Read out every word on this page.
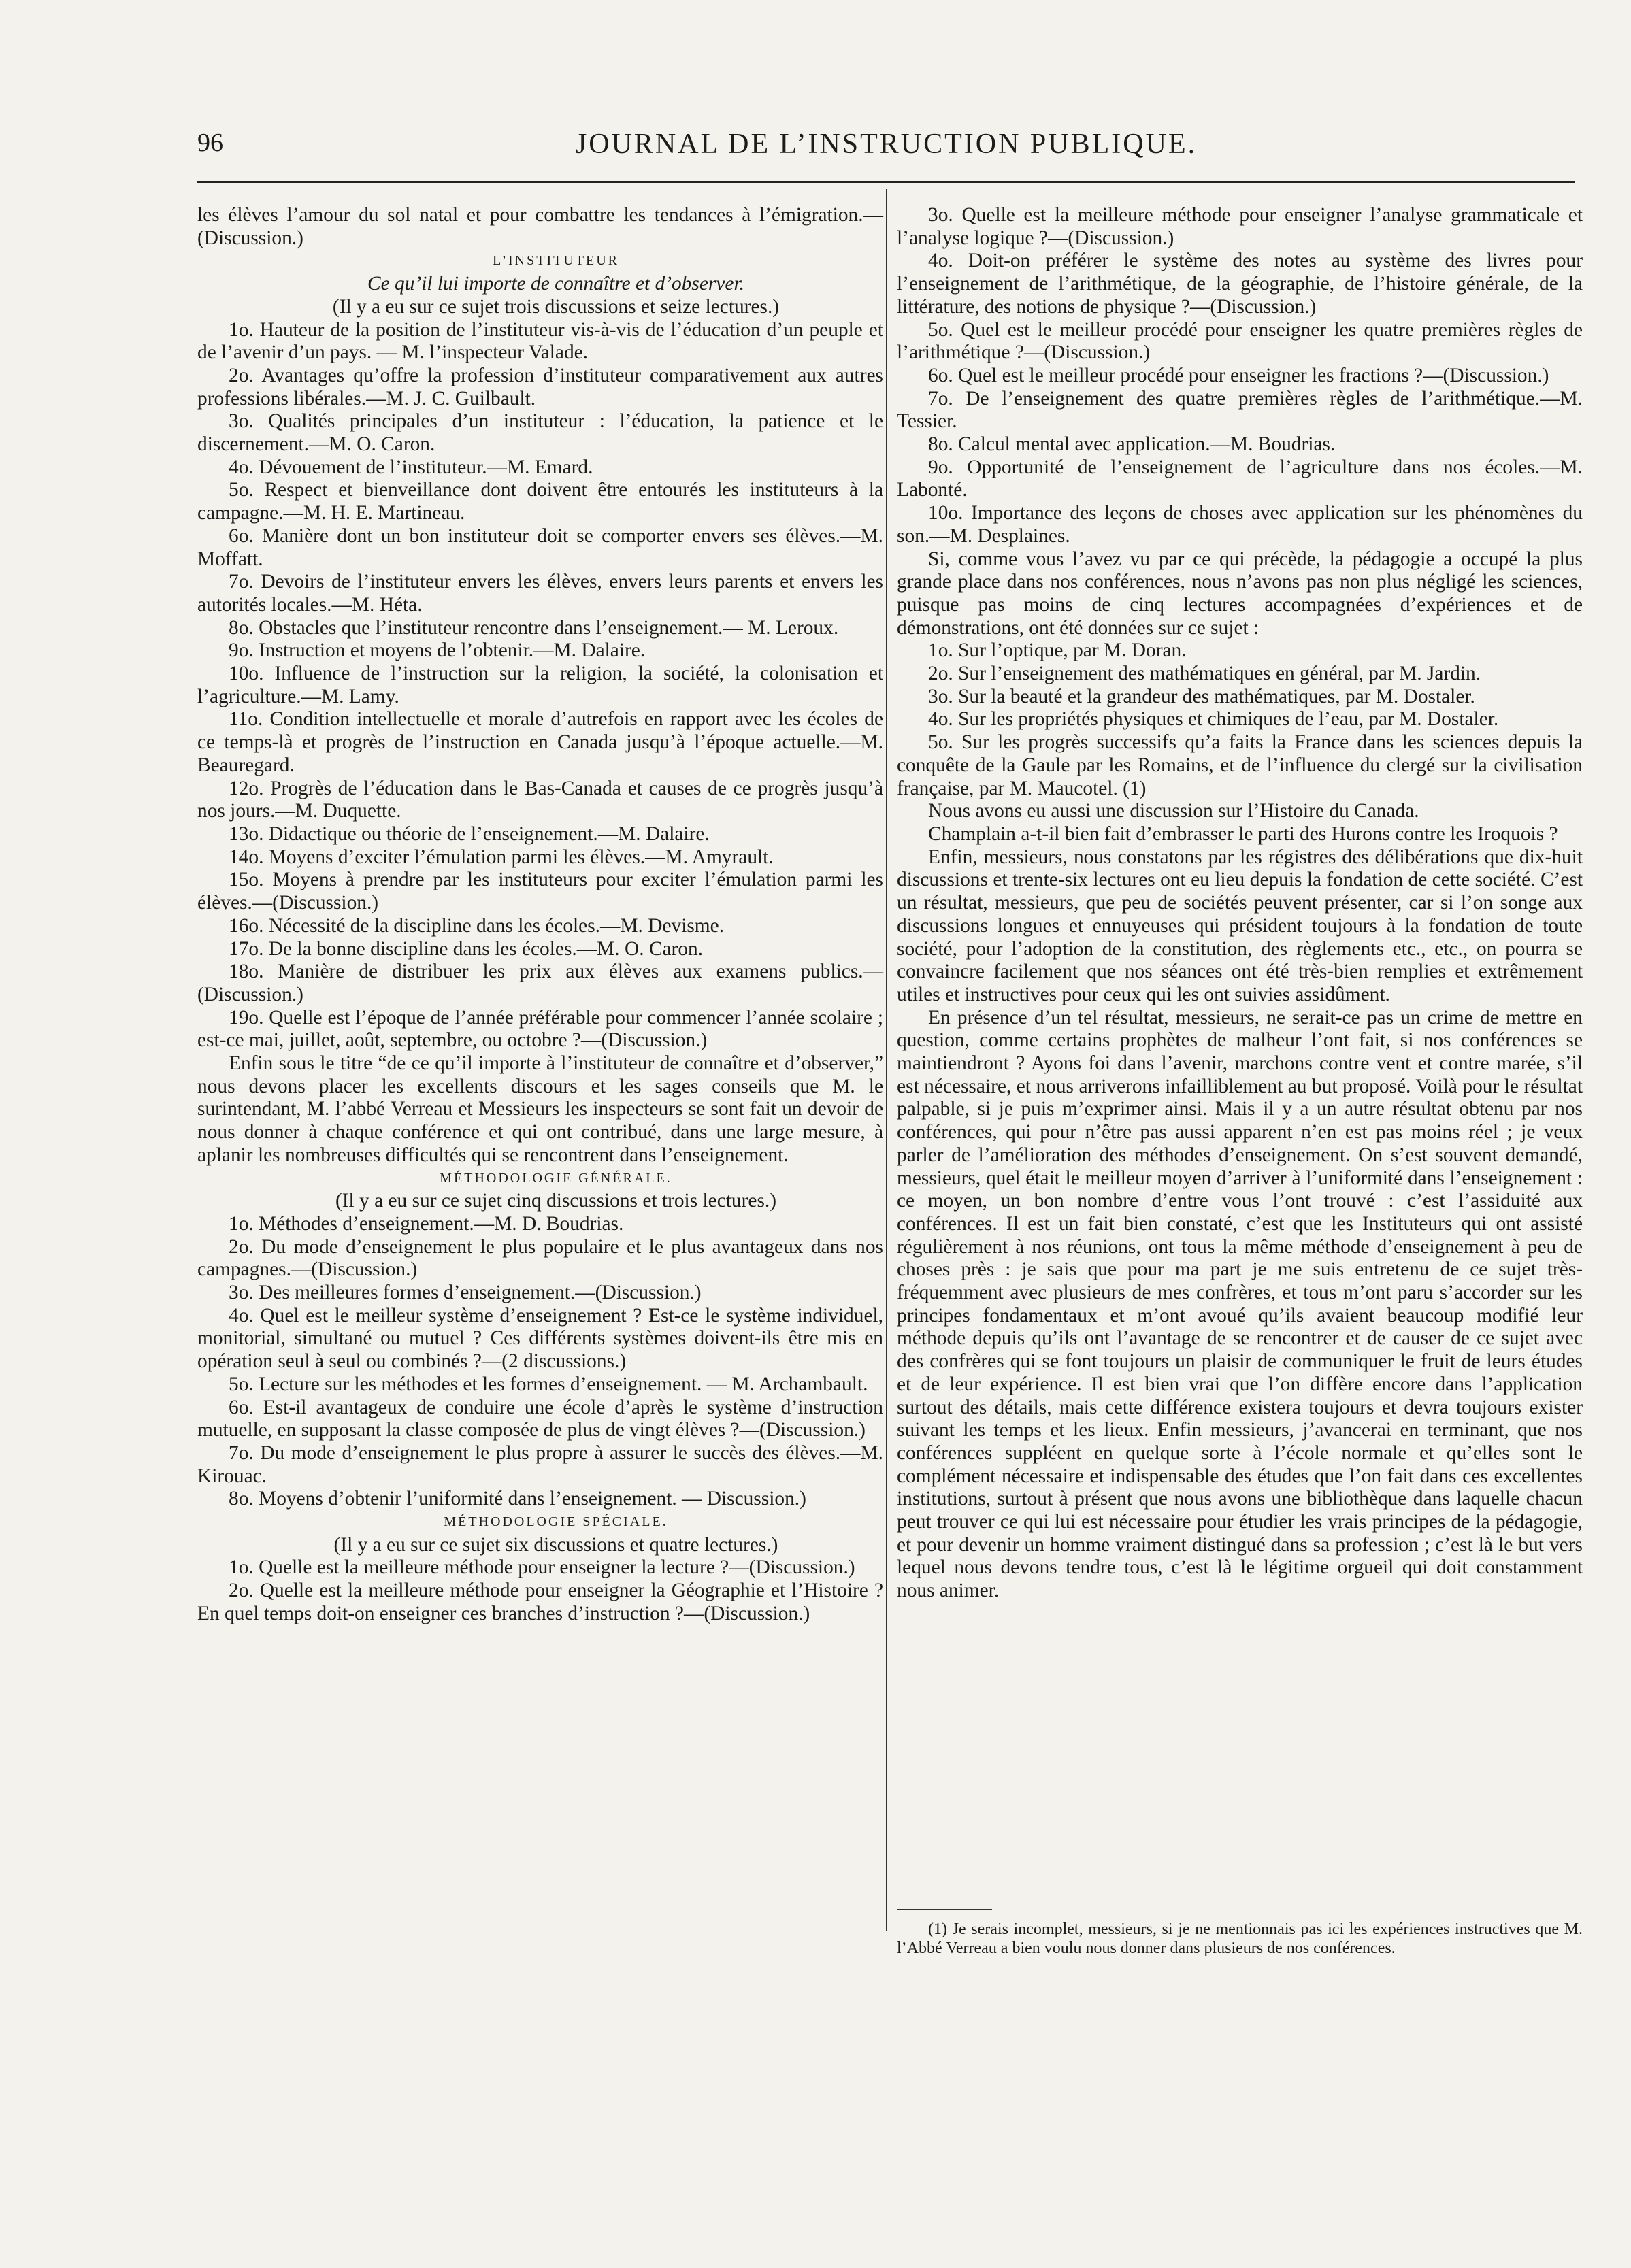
96	JOURNAL DE L’INSTRUCTION PUBLIQUE.

les élèves l’amour du sol natal et pour combattre les tendances à l’émigration.—(Discussion.)

L’INSTITUTEUR

Ce qu’il lui importe de connaître et d’observer.

(Il y a eu sur ce sujet trois discussions et seize lectures.)

1o. Hauteur de la position de l’instituteur vis-à-vis de l’éducation d’un peuple et de l’avenir d’un pays. — M. l’inspecteur Valade.

2o. Avantages qu’offre la profession d’instituteur comparativement aux autres professions libérales.—M. J. C. Guilbault.

3o. Qualités principales d’un instituteur : l’éducation, la patience et le discernement.—M. O. Caron.

4o. Dévouement de l’instituteur.—M. Emard.

5o. Respect et bienveillance dont doivent être entourés les instituteurs à la campagne.—M. H. E. Martineau.

6o. Manière dont un bon instituteur doit se comporter envers ses élèves.—M. Moffatt.

7o. Devoirs de l’instituteur envers les élèves, envers leurs parents et envers les autorités locales.—M. Héta.

8o. Obstacles que l’instituteur rencontre dans l’enseignement.— M. Leroux.

9o. Instruction et moyens de l’obtenir.—M. Dalaire.

10o. Influence de l’instruction sur la religion, la société, la colonisation et l’agriculture.—M. Lamy.

11o. Condition intellectuelle et morale d’autrefois en rapport avec les écoles de ce temps-là et progrès de l’instruction en Canada jusqu’à l’époque actuelle.—M. Beauregard.

12o. Progrès de l’éducation dans le Bas-Canada et causes de ce progrès jusqu’à nos jours.—M. Duquette.

13o. Didactique ou théorie de l’enseignement.—M. Dalaire.

14o. Moyens d’exciter l’émulation parmi les élèves.—M. Amyrault.

15o. Moyens à prendre par les instituteurs pour exciter l’émulation parmi les élèves.—(Discussion.)

16o. Nécessité de la discipline dans les écoles.—M. Devisme.

17o. De la bonne discipline dans les écoles.—M. O. Caron.

18o. Manière de distribuer les prix aux élèves aux examens publics.—(Discussion.)

19o. Quelle est l’époque de l’année préférable pour commencer l’année scolaire ; est-ce mai, juillet, août, septembre, ou octobre ?—(Discussion.)

Enfin sous le titre “de ce qu’il importe à l’instituteur de connaître et d’observer,” nous devons placer les excellents discours et les sages conseils que M. le surintendant, M. l’abbé Verreau et Messieurs les inspecteurs se sont fait un devoir de nous donner à chaque conférence et qui ont contribué, dans une large mesure, à aplanir les nombreuses difficultés qui se rencontrent dans l’enseignement.

MÉTHODOLOGIE GÉNÉRALE.

(Il y a eu sur ce sujet cinq discussions et trois lectures.)

1o. Méthodes d’enseignement.—M. D. Boudrias.

2o. Du mode d’enseignement le plus populaire et le plus avantageux dans nos campagnes.—(Discussion.)

3o. Des meilleures formes d’enseignement.—(Discussion.)

4o. Quel est le meilleur système d’enseignement ? Est-ce le système individuel, monitorial, simultané ou mutuel ? Ces différents systèmes doivent-ils être mis en opération seul à seul ou combinés ?—(2 discussions.)

5o. Lecture sur les méthodes et les formes d’enseignement. — M. Archambault.

6o. Est-il avantageux de conduire une école d’après le système d’instruction mutuelle, en supposant la classe composée de plus de vingt élèves ?—(Discussion.)

7o. Du mode d’enseignement le plus propre à assurer le succès des élèves.—M. Kirouac.

8o. Moyens d’obtenir l’uniformité dans l’enseignement. — Discussion.)

MÉTHODOLOGIE SPÉCIALE.

(Il y a eu sur ce sujet six discussions et quatre lectures.)

1o. Quelle est la meilleure méthode pour enseigner la lecture ?—(Discussion.)

2o. Quelle est la meilleure méthode pour enseigner la Géographie et l’Histoire ? En quel temps doit-on enseigner ces branches d’instruction ?—(Discussion.)

3o. Quelle est la meilleure méthode pour enseigner l’analyse grammaticale et l’analyse logique ?—(Discussion.)

4o. Doit-on préférer le système des notes au système des livres pour l’enseignement de l’arithmétique, de la géographie, de l’histoire générale, de la littérature, des notions de physique ?—(Discussion.)

5o. Quel est le meilleur procédé pour enseigner les quatre premières règles de l’arithmétique ?—(Discussion.)

6o. Quel est le meilleur procédé pour enseigner les fractions ?—(Discussion.)

7o. De l’enseignement des quatre premières règles de l’arithmétique.—M. Tessier.

8o. Calcul mental avec application.—M. Boudrias.

9o. Opportunité de l’enseignement de l’agriculture dans nos écoles.—M. Labonté.

10o. Importance des leçons de choses avec application sur les phénomènes du son.—M. Desplaines.

Si, comme vous l’avez vu par ce qui précède, la pédagogie a occupé la plus grande place dans nos conférences, nous n’avons pas non plus négligé les sciences, puisque pas moins de cinq lectures accompagnées d’expériences et de démonstrations, ont été données sur ce sujet :

1o. Sur l’optique, par M. Doran.

2o. Sur l’enseignement des mathématiques en général, par M. Jardin.

3o. Sur la beauté et la grandeur des mathématiques, par M. Dostaler.

4o. Sur les propriétés physiques et chimiques de l’eau, par M. Dostaler.

5o. Sur les progrès successifs qu’a faits la France dans les sciences depuis la conquête de la Gaule par les Romains, et de l’influence du clergé sur la civilisation française, par M. Maucotel. (1)

Nous avons eu aussi une discussion sur l’Histoire du Canada.

Champlain a-t-il bien fait d’embrasser le parti des Hurons contre les Iroquois ?

Enfin, messieurs, nous constatons par les régistres des délibérations que dix-huit discussions et trente-six lectures ont eu lieu depuis la fondation de cette société. C’est un résultat, messieurs, que peu de sociétés peuvent présenter, car si l’on songe aux discussions longues et ennuyeuses qui président toujours à la fondation de toute société, pour l’adoption de la constitution, des règlements etc., etc., on pourra se convaincre facilement que nos séances ont été très-bien remplies et extrêmement utiles et instructives pour ceux qui les ont suivies assidûment.

En présence d’un tel résultat, messieurs, ne serait-ce pas un crime de mettre en question, comme certains prophètes de malheur l’ont fait, si nos conférences se maintiendront ? Ayons foi dans l’avenir, marchons contre vent et contre marée, s’il est nécessaire, et nous arriverons infailliblement au but proposé. Voilà pour le résultat palpable, si je puis m’exprimer ainsi. Mais il y a un autre résultat obtenu par nos conférences, qui pour n’être pas aussi apparent n’en est pas moins réel ; je veux parler de l’amélioration des méthodes d’enseignement. On s’est souvent demandé, messieurs, quel était le meilleur moyen d’arriver à l’uniformité dans l’enseignement : ce moyen, un bon nombre d’entre vous l’ont trouvé : c’est l’assiduité aux conférences. Il est un fait bien constaté, c’est que les Instituteurs qui ont assisté régulièrement à nos réunions, ont tous la même méthode d’enseignement à peu de choses près : je sais que pour ma part je me suis entretenu de ce sujet très-fréquemment avec plusieurs de mes confrères, et tous m’ont paru s’accorder sur les principes fondamentaux et m’ont avoué qu’ils avaient beaucoup modifié leur méthode depuis qu’ils ont l’avantage de se rencontrer et de causer de ce sujet avec des confrères qui se font toujours un plaisir de communiquer le fruit de leurs études et de leur expérience. Il est bien vrai que l’on diffère encore dans l’application surtout des détails, mais cette différence existera toujours et devra toujours exister suivant les temps et les lieux. Enfin messieurs, j’avancerai en terminant, que nos conférences suppléent en quelque sorte à l’école normale et qu’elles sont le complément nécessaire et indispensable des études que l’on fait dans ces excellentes institutions, surtout à présent que nous avons une bibliothèque dans laquelle chacun peut trouver ce qui lui est nécessaire pour étudier les vrais principes de la pédagogie, et pour devenir un homme vraiment distingué dans sa profession ; c’est là le but vers lequel nous devons tendre tous, c’est là le légitime orgueil qui doit constamment nous animer.

(1) Je serais incomplet, messieurs, si je ne mentionnais pas ici les expériences instructives que M. l’Abbé Verreau a bien voulu nous donner dans plusieurs de nos conférences.
